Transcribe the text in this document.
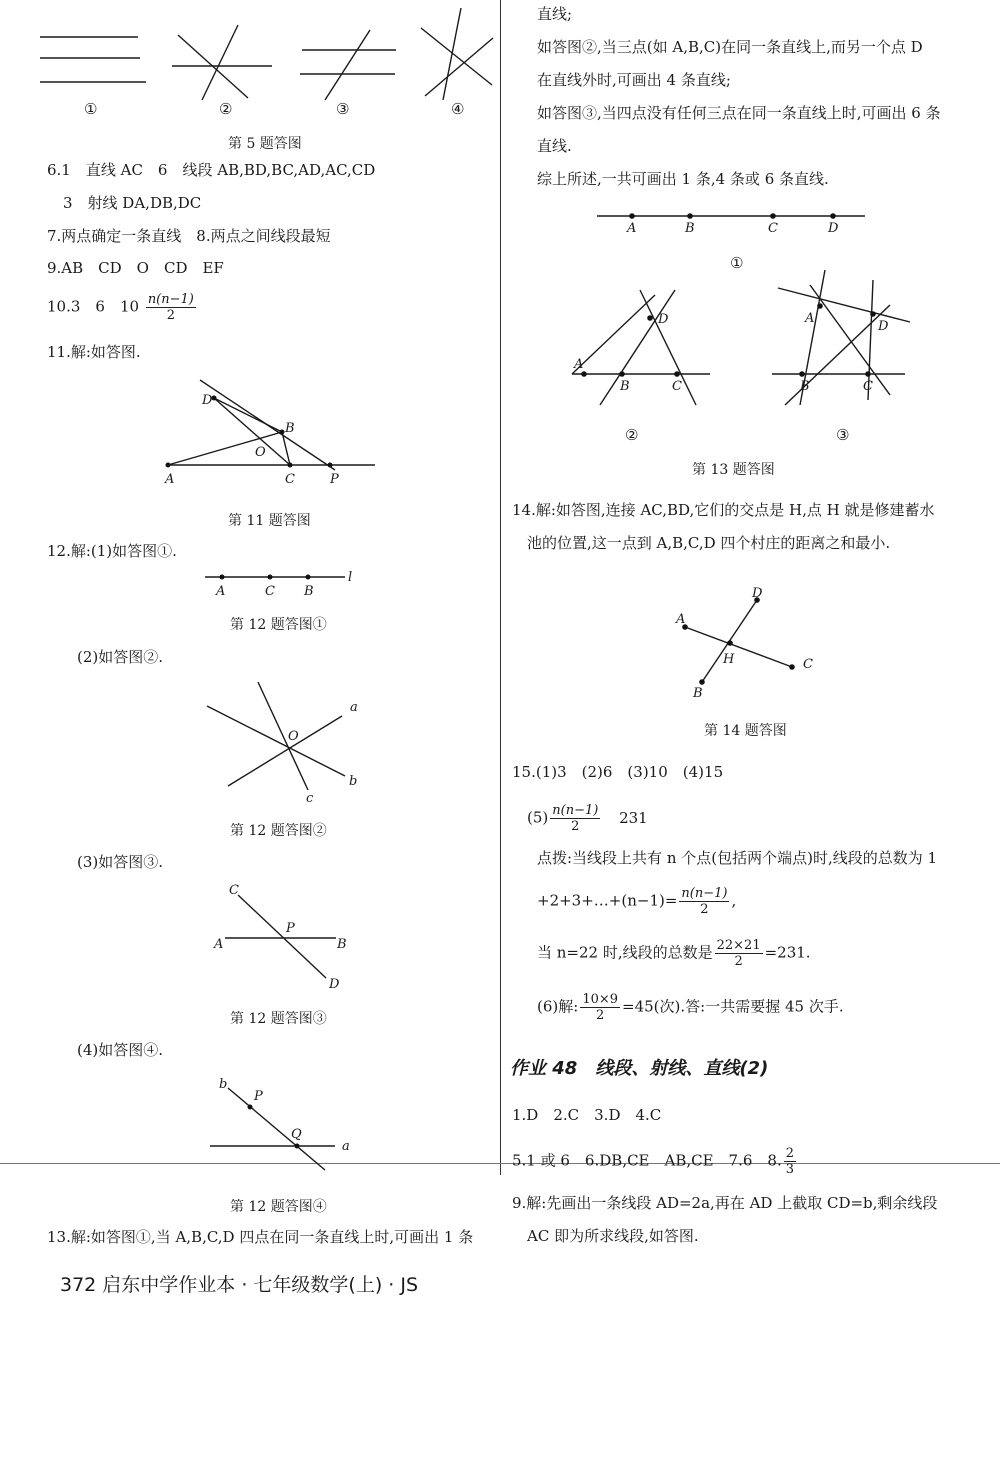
①	②	③	④
第 5 题答图
6.1　直线 AC　6　线段 AB,BD,BC,AD,AC,CD
3　射线 DA,DB,DC
7.两点确定一条直线　8.两点之间线段最短
9.AB　CD　O　CD　EF
10.3　6　$10 \frac{n(n-1)}{2}$
11.解:如答图.
D
B
O
A	C	P
第 11 题答图
12.解:(1)如答图①.
A	C B
l
第 12 题答图①
(2)如答图②.
O
a
b
c
第 12 题答图②
(3)如答图③.
C
P
A	B
D
第 12 题答图③
(4)如答图④.
b
P
Q
a
第 12 题答图④
13.解:如答图①,当 A,B,C,D 四点在同一条直线上时,可画出 1 条
372 启东中学作业本 · 七年级数学(上) · JS
直线;
如答图②,当三点(如 A,B,C)在同一条直线上,而另一个点 D
在直线外时,可画出 4 条直线;
如答图③,当四点没有任何三点在同一条直线上时,可画出 6 条
直线.
综上所述,一共可画出 1 条,4 条或 6 条直线.
A	B	C	D
①
A
D
B	C
②
A
D
B	C
③
第 13 题答图
14.解:如答图,连接 AC,BD,它们的交点是 H,点 H 就是修建蓄水
池的位置,这一点到 A,B,C,D 四个村庄的距离之和最小.
D
A
H	C
B
第 14 题答图
15.(1)3　(2)6　(3)10　(4)15
$(5) \frac{n(n-1)}{2} 231$
点拨:当线段上共有 n 个点(包括两个端点)时,线段的总数为 1
+2+3+…+(n−1)= $\frac{n(n-1)}{2}$ ,
当 n=22 时,线段的总数是 $\frac{22\times 21}{2} =231$.
(6)解: $\frac{10\times 9}{2} =45$(次).答:一共需要握 45 次手.
作业 48　线段、射线、直线(2)
1.D　2.C　3.D　4.C
5.1 或 6　6.DB,CE　AB,CE　7.6　8. $\frac{2}{3}$
9.解:先画出一条线段 AD=2a,再在 AD 上截取 CD=b,剩余线段
AC 即为所求线段,如答图.
